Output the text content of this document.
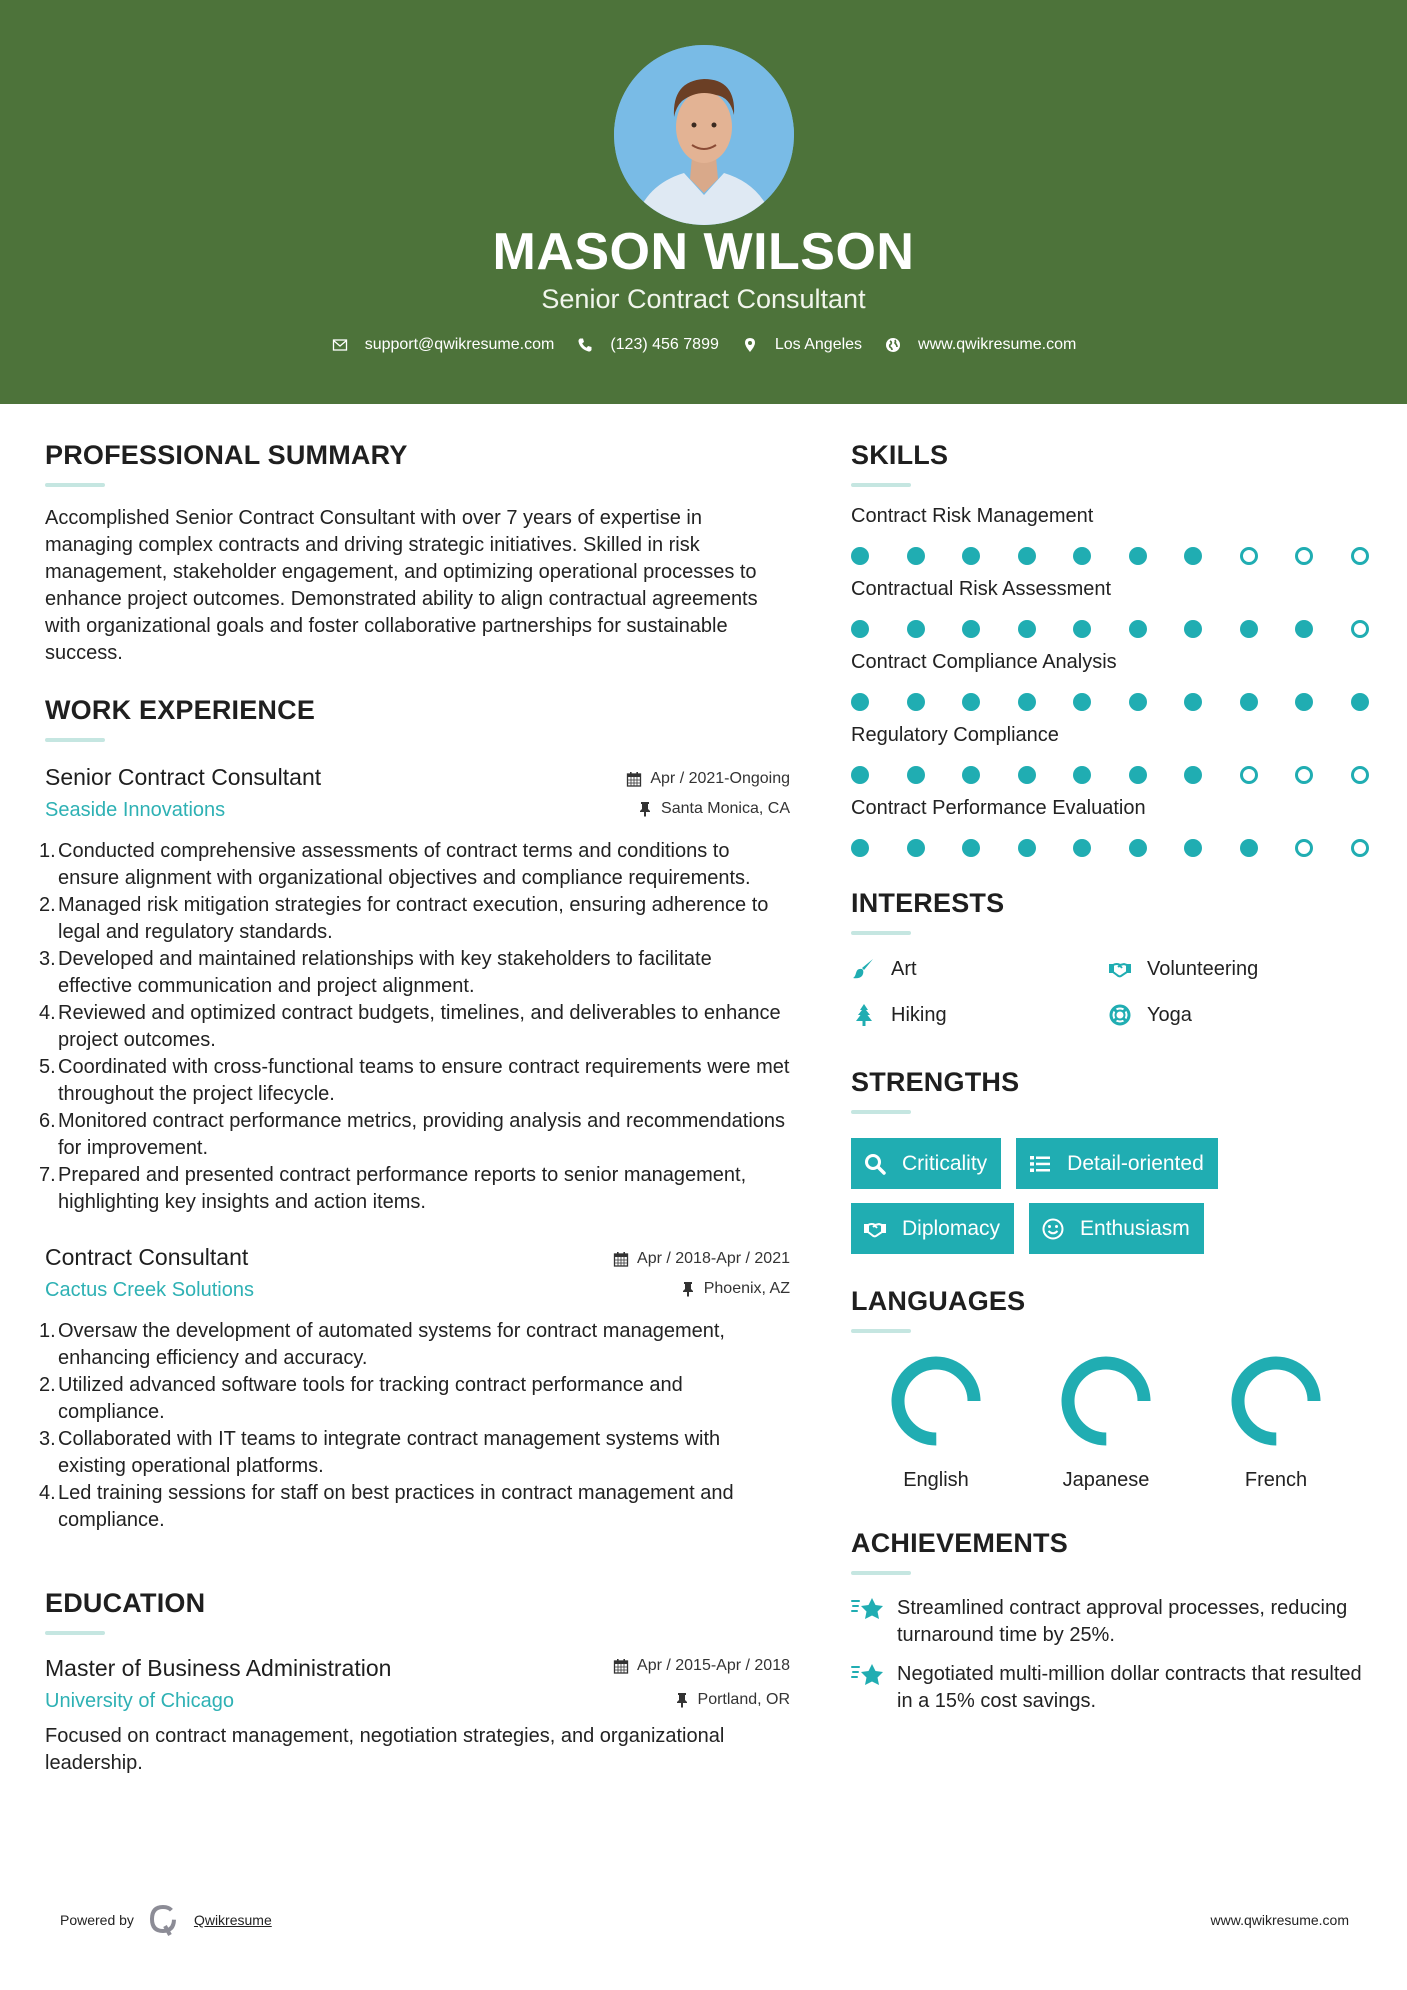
MASON WILSON
Senior Contract Consultant
support@qwikresume.com	(123) 456 7899	Los Angeles	www.qwikresume.com
PROFESSIONAL SUMMARY

Accomplished Senior Contract Consultant with over 7 years of expertise in managing complex contracts and driving strategic initiatives. Skilled in risk management, stakeholder engagement, and optimizing operational processes to enhance project outcomes. Demonstrated ability to align contractual agreements with organizational goals and foster collaborative partnerships for sustainable success.

WORK EXPERIENCE
Senior Contract Consultant
Seaside Innovations
Apr / 2021-Ongoing
Santa Monica, CA
1. Conducted comprehensive assessments of contract terms and conditions to ensure alignment with organizational objectives and compliance requirements.
2. Managed risk mitigation strategies for contract execution, ensuring adherence to legal and regulatory standards.
3. Developed and maintained relationships with key stakeholders to facilitate effective communication and project alignment.
4. Reviewed and optimized contract budgets, timelines, and deliverables to enhance project outcomes.
5. Coordinated with cross-functional teams to ensure contract requirements were met throughout the project lifecycle.
6. Monitored contract performance metrics, providing analysis and recommendations for improvement.
7. Prepared and presented contract performance reports to senior management, highlighting key insights and action items.
Contract Consultant
Cactus Creek Solutions
Apr / 2018-Apr / 2021
Phoenix, AZ
1. Oversaw the development of automated systems for contract management, enhancing efficiency and accuracy.
2. Utilized advanced software tools for tracking contract performance and compliance.
3. Collaborated with IT teams to integrate contract management systems with existing operational platforms.
4. Led training sessions for staff on best practices in contract management and compliance.
EDUCATION
Master of Business Administration
University of Chicago
Apr / 2015-Apr / 2018
Portland, OR

Focused on contract management, negotiation strategies, and organizational leadership.

SKILLS
Contract Risk Management
Contractual Risk Assessment
Contract Compliance Analysis
Regulatory Compliance
Contract Performance Evaluation
INTERESTS
Art	Volunteering
Hiking	Yoga
STRENGTHS
Criticality	Detail-oriented
Diplomacy	Enthusiasm
LANGUAGES
English	Japanese	French
ACHIEVEMENTS
Streamlined contract approval processes, reducing turnaround time by 25%.
Negotiated multi-million dollar contracts that resulted in a 15% cost savings.
Powered by	Qwikresume	www.qwikresume.com
